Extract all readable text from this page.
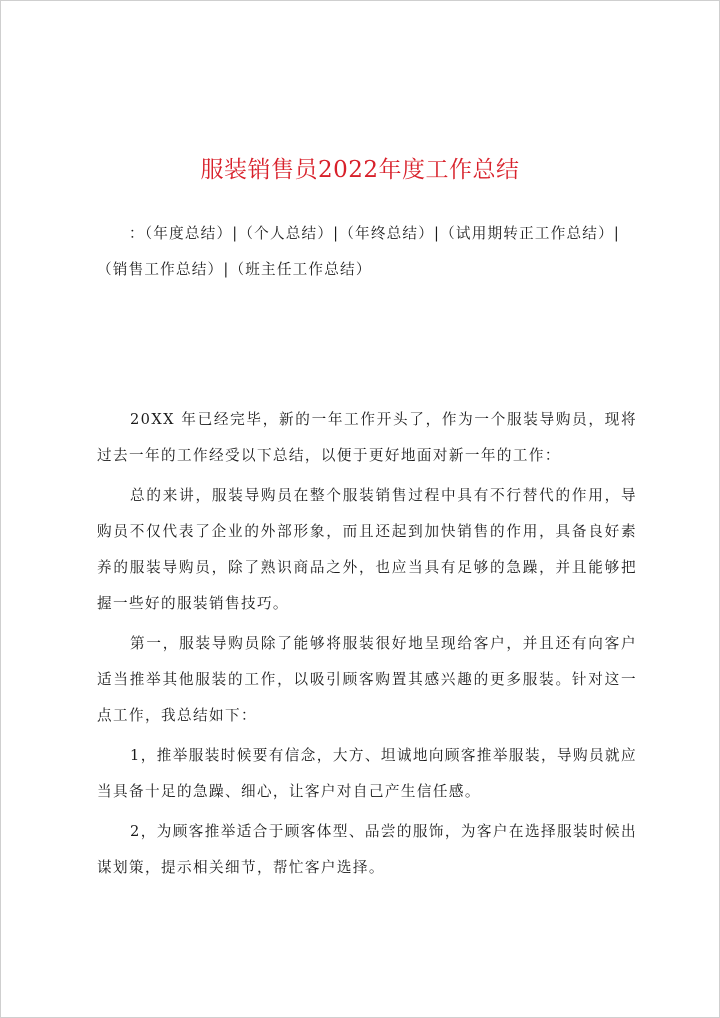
服装销售员2022年度工作总结
：（年度总结）|（个人总结）|（年终总结）|（试用期转正工作总结）|（销售工作总结）|（班主任工作总结）

20XX 年已经完毕，新的一年工作开头了，作为一个服装导购员，现将过去一年的工作经受以下总结，以便于更好地面对新一年的工作：

总的来讲，服装导购员在整个服装销售过程中具有不行替代的作用，导购员不仅代表了企业的外部形象，而且还起到加快销售的作用，具备良好素养的服装导购员，除了熟识商品之外，也应当具有足够的急躁，并且能够把握一些好的服装销售技巧。

第一，服装导购员除了能够将服装很好地呈现给客户，并且还有向客户适当推举其他服装的工作，以吸引顾客购置其感兴趣的更多服装。针对这一点工作，我总结如下：

1，推举服装时候要有信念，大方、坦诚地向顾客推举服装，导购员就应当具备十足的急躁、细心，让客户对自己产生信任感。

2，为顾客推举适合于顾客体型、品尝的服饰，为客户在选择服装时候出谋划策，提示相关细节，帮忙客户选择。
